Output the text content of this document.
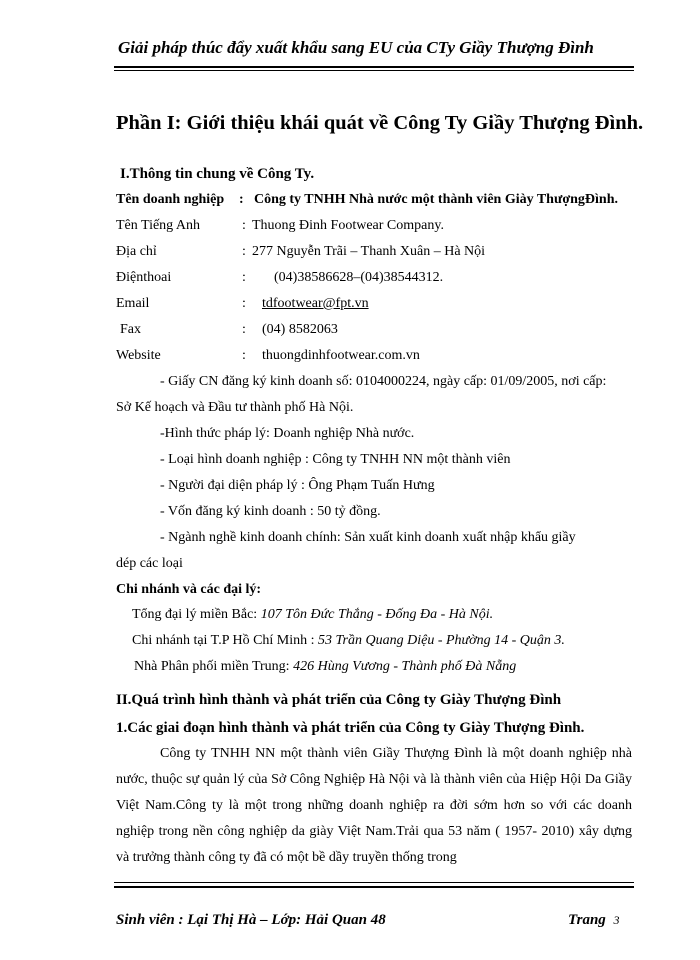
Giải pháp thúc đẩy xuất khẩu sang EU của CTy Giầy Thượng Đình
Phần I: Giới thiệu khái quát về Công Ty Giầy Thượng Đình.
I.Thông tin chung về Công Ty.
Tên doanh nghiệp : Công ty TNHH Nhà nước một thành viên Giày ThượngĐình.
Tên Tiếng Anh	: Thuong Đinh Footwear Company.
Địa chỉ	: 277 Nguyễn Trãi – Thanh Xuân – Hà Nội
Điệnthoai	: (04)38586628–(04)38544312.
Email	: tdfootwear@fpt.vn
Fax	: (04) 8582063
Website	: thuongdinhfootwear.com.vn
- Giấy CN đăng ký kinh doanh số: 0104000224, ngày cấp: 01/09/2005, nơi cấp:
Sở Kế hoạch và Đầu tư thành phố Hà Nội.
-Hình thức pháp lý: Doanh nghiệp Nhà nước.
- Loại hình doanh nghiệp : Công ty TNHH NN một thành viên
- Người đại diện pháp lý : Ông Phạm Tuấn Hưng
- Vốn đăng ký kinh doanh : 50 tỷ đồng.
- Ngành nghề kinh doanh chính: Sản xuất kinh doanh xuất nhập khẩu giầy
dép các loại
Chi nhánh và các đại lý:
Tổng đại lý miền Bắc: 107 Tôn Đức Thắng - Đống Đa - Hà Nội.
Chi nhánh tại T.P Hồ Chí Minh : 53 Trần Quang Diệu - Phường 14 - Quận 3.
Nhà Phân phối miền Trung: 426 Hùng Vương - Thành phố Đà Nẵng
II.Quá trình hình thành và phát triển của Công ty Giày Thượng Đình
1.Các giai đoạn hình thành và phát triển của Công ty Giày Thượng Đình.
Công ty TNHH NN một thành viên Giầy Thượng Đình là một doanh nghiệp nhà nước, thuộc sự quản lý của Sở Công Nghiệp Hà Nội và là thành viên của Hiệp Hội Da Giầy Việt Nam.Công ty là một trong những doanh nghiệp ra đời sớm hơn so với các doanh nghiệp trong nền công nghiệp da giày Việt Nam.Trải qua 53 năm ( 1957- 2010) xây dựng và trưởng thành công ty đã có một bề dầy truyền thống trong
Sinh viên : Lại Thị Hà – Lớp: Hải Quan 48	Trang 3
